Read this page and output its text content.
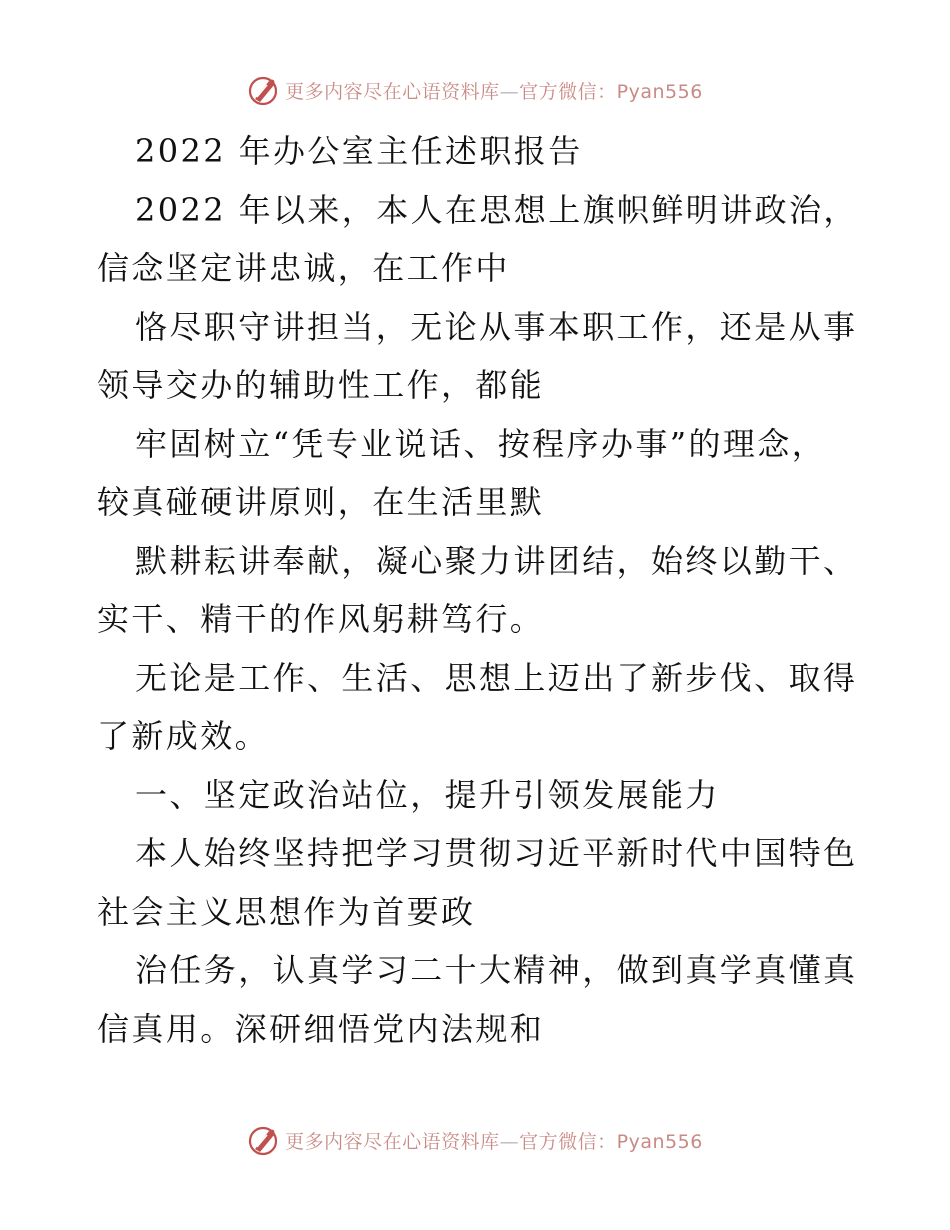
更多内容尽在心语资料库—官方微信：Pyan556
2022 年办公室主任述职报告
2022 年以来，本人在思想上旗帜鲜明讲政治，
信念坚定讲忠诚，在工作中
恪尽职守讲担当，无论从事本职工作，还是从事
领导交办的辅助性工作，都能
牢固树立“凭专业说话、按程序办事”的理念，
较真碰硬讲原则，在生活里默
默耕耘讲奉献，凝心聚力讲团结，始终以勤干、
实干、精干的作风躬耕笃行。
无论是工作、生活、思想上迈出了新步伐、取得
了新成效。
一、坚定政治站位，提升引领发展能力
本人始终坚持把学习贯彻习近平新时代中国特色
社会主义思想作为首要政
治任务，认真学习二十大精神，做到真学真懂真
信真用。深研细悟党内法规和
更多内容尽在心语资料库—官方微信：Pyan556
